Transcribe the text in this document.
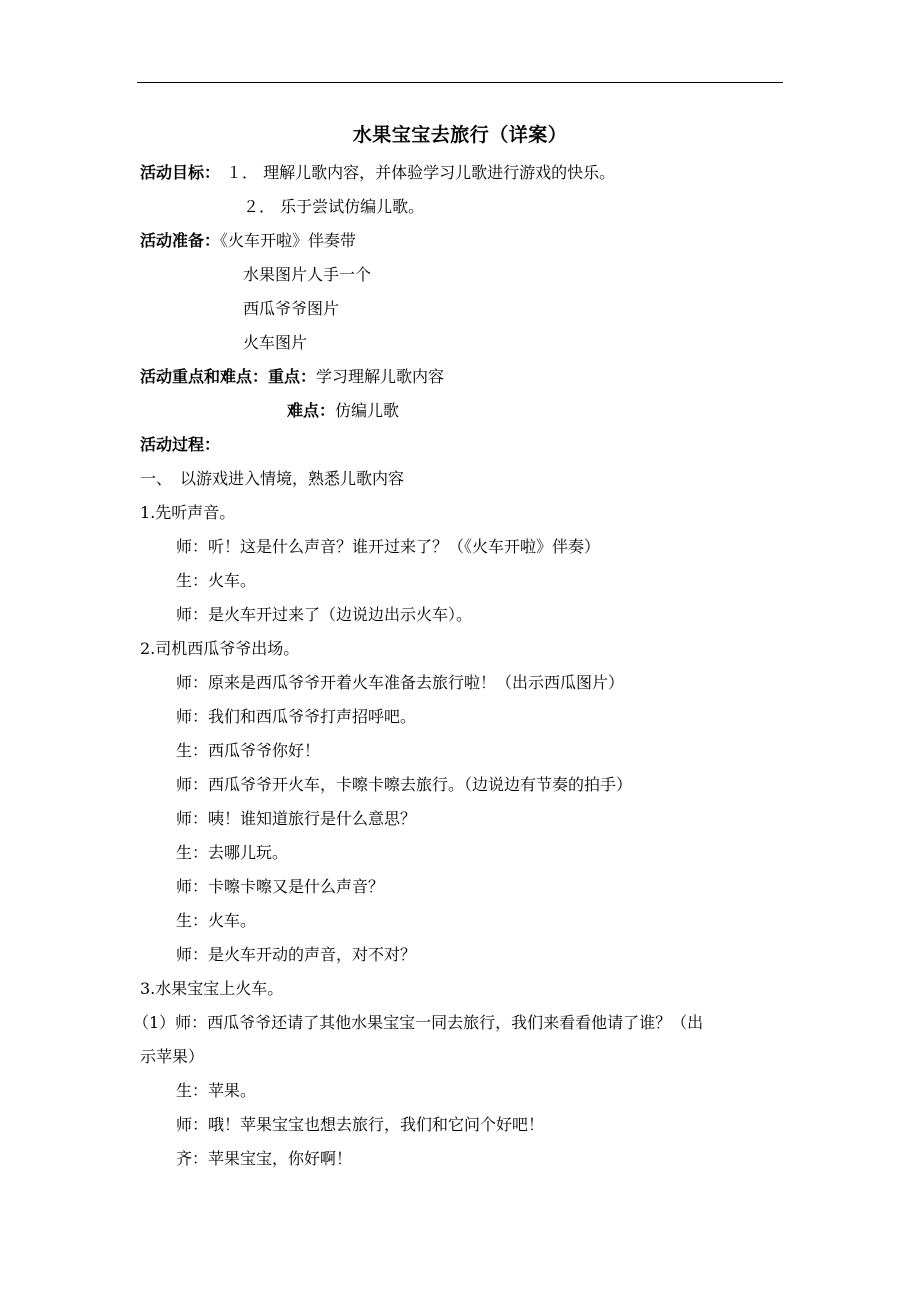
水果宝宝去旅行（详案）
活动目标： １． 理解儿歌内容，并体验学习儿歌进行游戏的快乐。
２． 乐于尝试仿编儿歌。
活动准备：《火车开啦》伴奏带
水果图片人手一个
西瓜爷爷图片
火车图片
活动重点和难点：重点：学习理解儿歌内容
难点：仿编儿歌
活动过程：
一、　以游戏进入情境，熟悉儿歌内容
1.先听声音。
师：听！这是什么声音？谁开过来了？（《火车开啦》伴奏）
生：火车。
师：是火车开过来了（边说边出示火车）。
2.司机西瓜爷爷出场。
师：原来是西瓜爷爷开着火车准备去旅行啦！（出示西瓜图片）
师：我们和西瓜爷爷打声招呼吧。
生：西瓜爷爷你好！
师：西瓜爷爷开火车，卡嚓卡嚓去旅行。（边说边有节奏的拍手）
师：咦！谁知道旅行是什么意思？
生：去哪儿玩。
师：卡嚓卡嚓又是什么声音？
生：火车。
师：是火车开动的声音，对不对？
3.水果宝宝上火车。
（1）师：西瓜爷爷还请了其他水果宝宝一同去旅行，我们来看看他请了谁？（出
示苹果）
生：苹果。
师：哦！苹果宝宝也想去旅行，我们和它问个好吧！
齐：苹果宝宝，你好啊！
